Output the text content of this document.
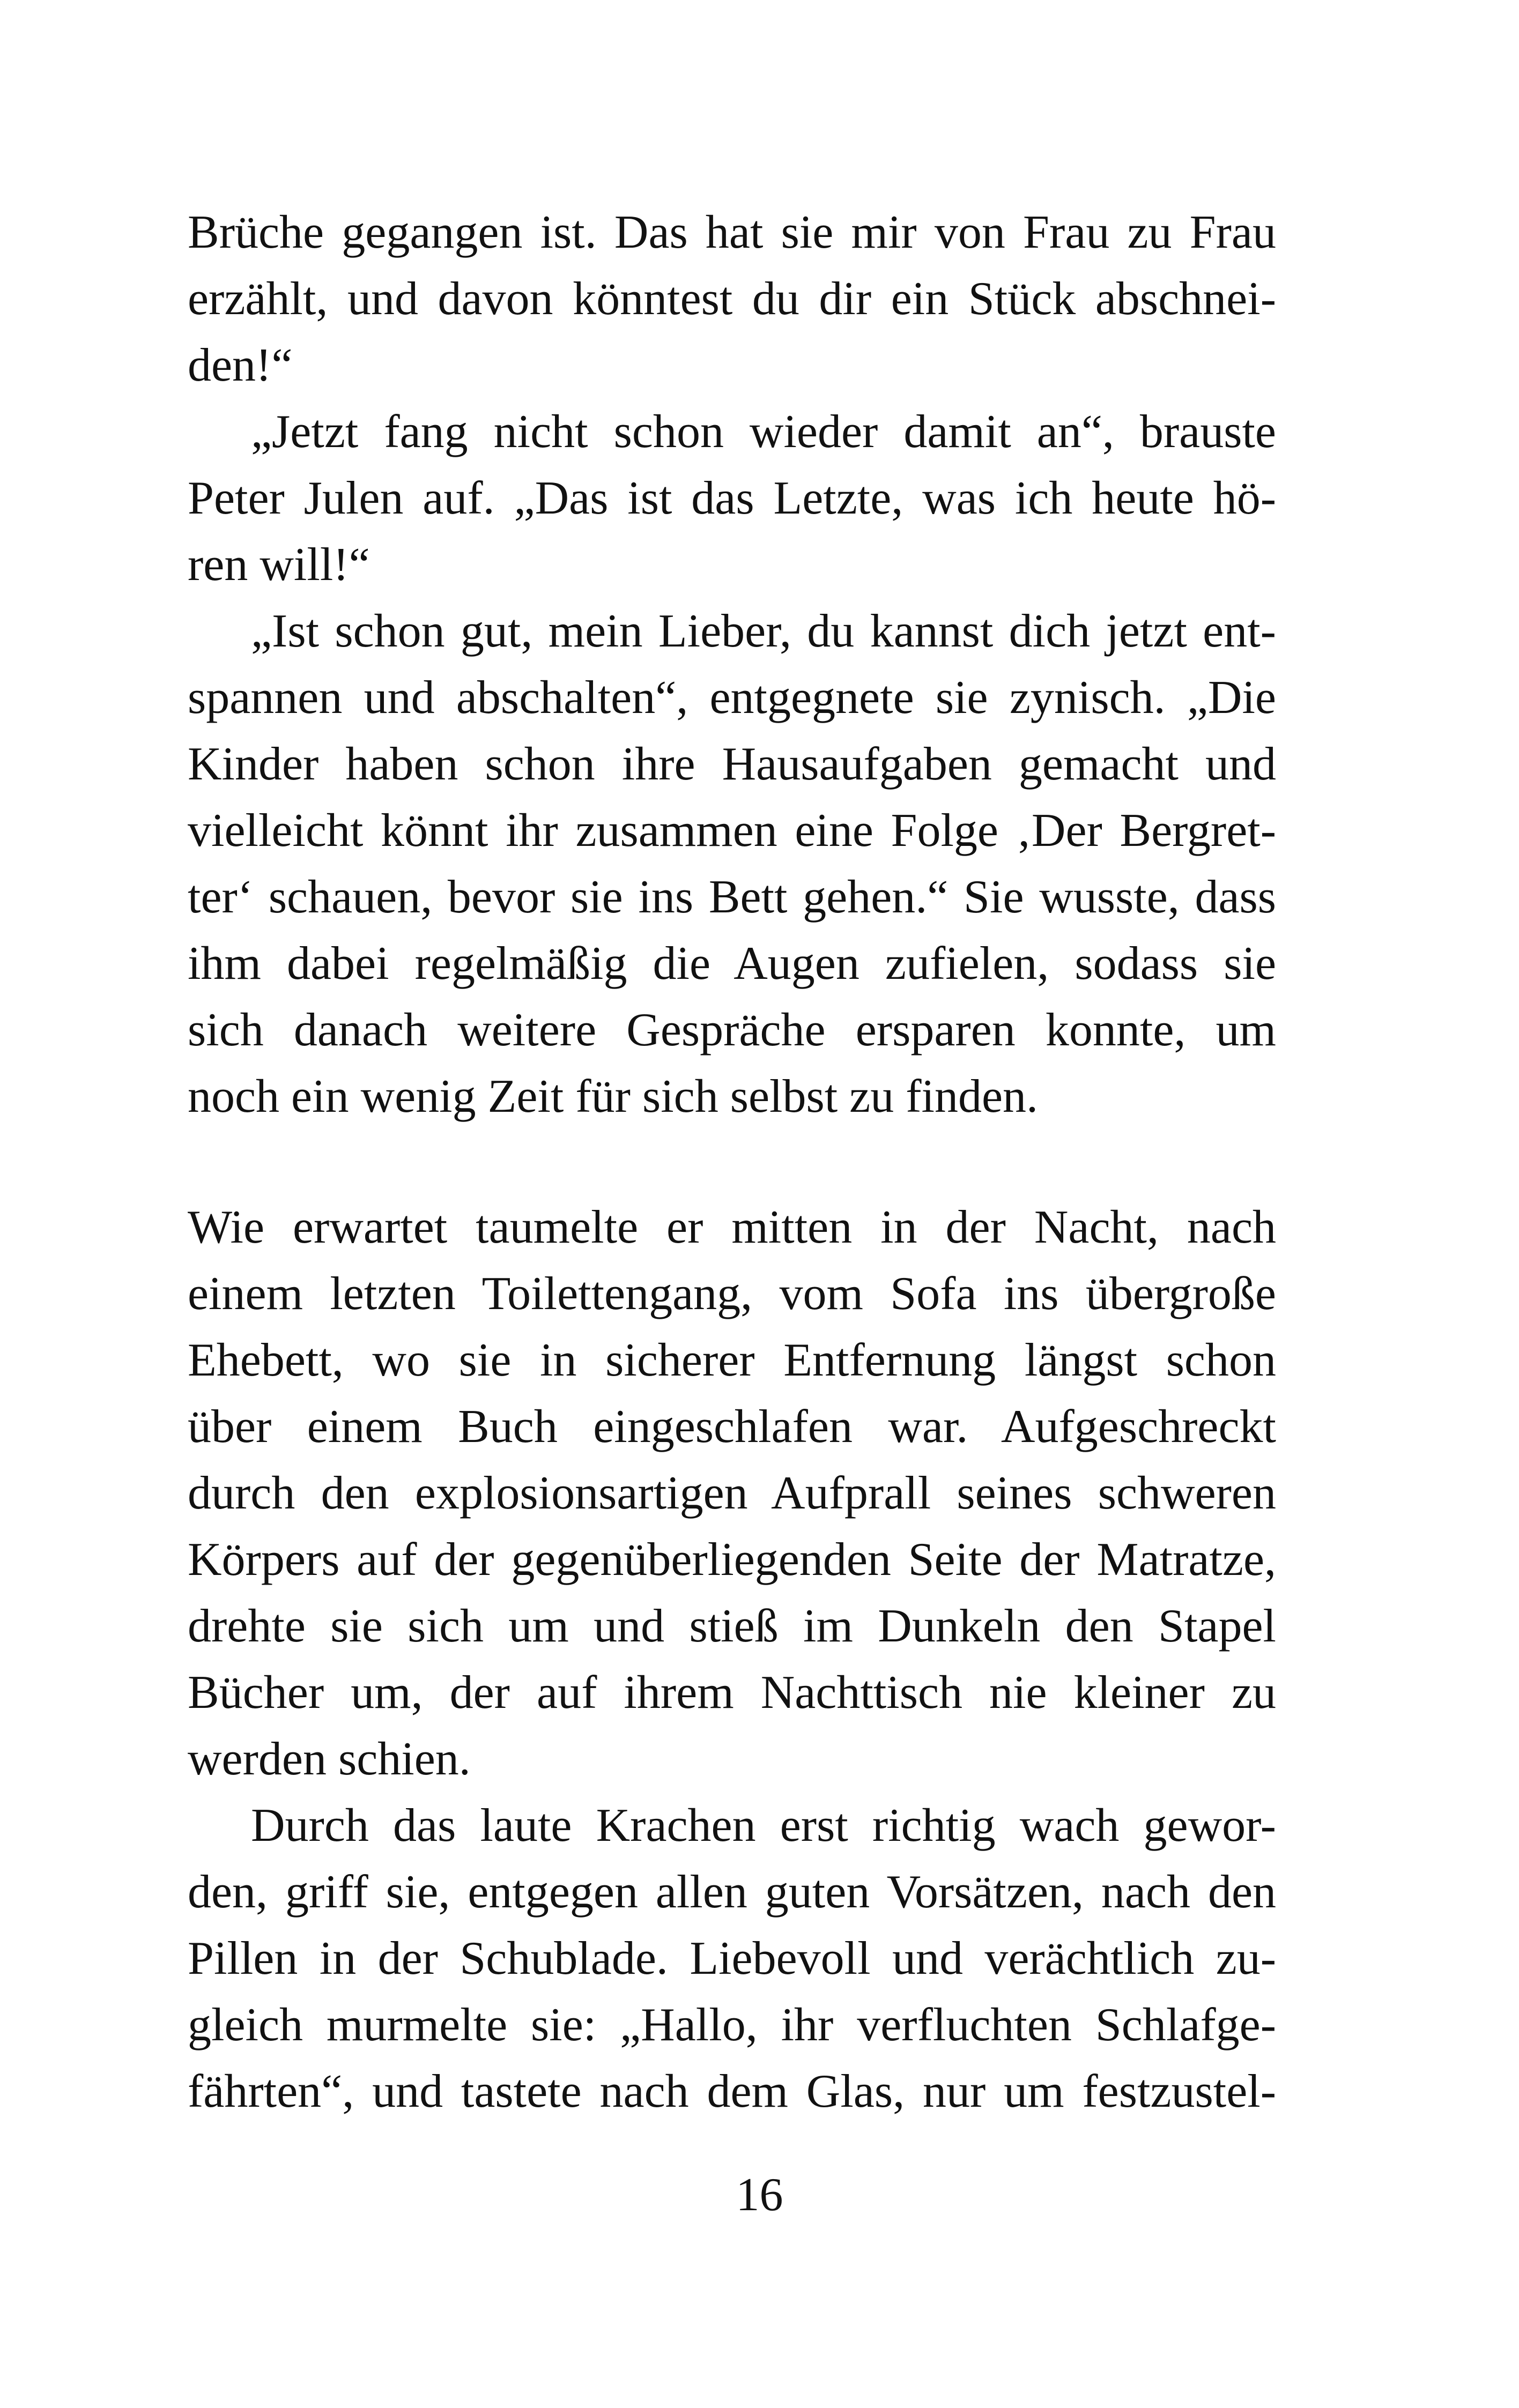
Brüche gegangen ist. Das hat sie mir von Frau zu Frau
erzählt, und davon könntest du dir ein Stück abschnei-
den!“
„Jetzt fang nicht schon wieder damit an“, brauste
Peter Julen auf. „Das ist das Letzte, was ich heute hö-
ren will!“
„Ist schon gut, mein Lieber, du kannst dich jetzt ent-
spannen und abschalten“, entgegnete sie zynisch. „Die
Kinder haben schon ihre Hausaufgaben gemacht und
vielleicht könnt ihr zusammen eine Folge ‚Der Bergret-
ter‘ schauen, bevor sie ins Bett gehen.“ Sie wusste, dass
ihm dabei regelmäßig die Augen zufielen, sodass sie
sich danach weitere Gespräche ersparen konnte, um
noch ein wenig Zeit für sich selbst zu finden.
Wie erwartet taumelte er mitten in der Nacht, nach
einem letzten Toilettengang, vom Sofa ins übergroße
Ehebett, wo sie in sicherer Entfernung längst schon
über einem Buch eingeschlafen war. Aufgeschreckt
durch den explosionsartigen Aufprall seines schweren
Körpers auf der gegenüberliegenden Seite der Matratze,
drehte sie sich um und stieß im Dunkeln den Stapel
Bücher um, der auf ihrem Nachttisch nie kleiner zu
werden schien.
Durch das laute Krachen erst richtig wach gewor-
den, griff sie, entgegen allen guten Vorsätzen, nach den
Pillen in der Schublade. Liebevoll und verächtlich zu-
gleich murmelte sie: „Hallo, ihr verfluchten Schlafge-
fährten“, und tastete nach dem Glas, nur um festzustel-
16
